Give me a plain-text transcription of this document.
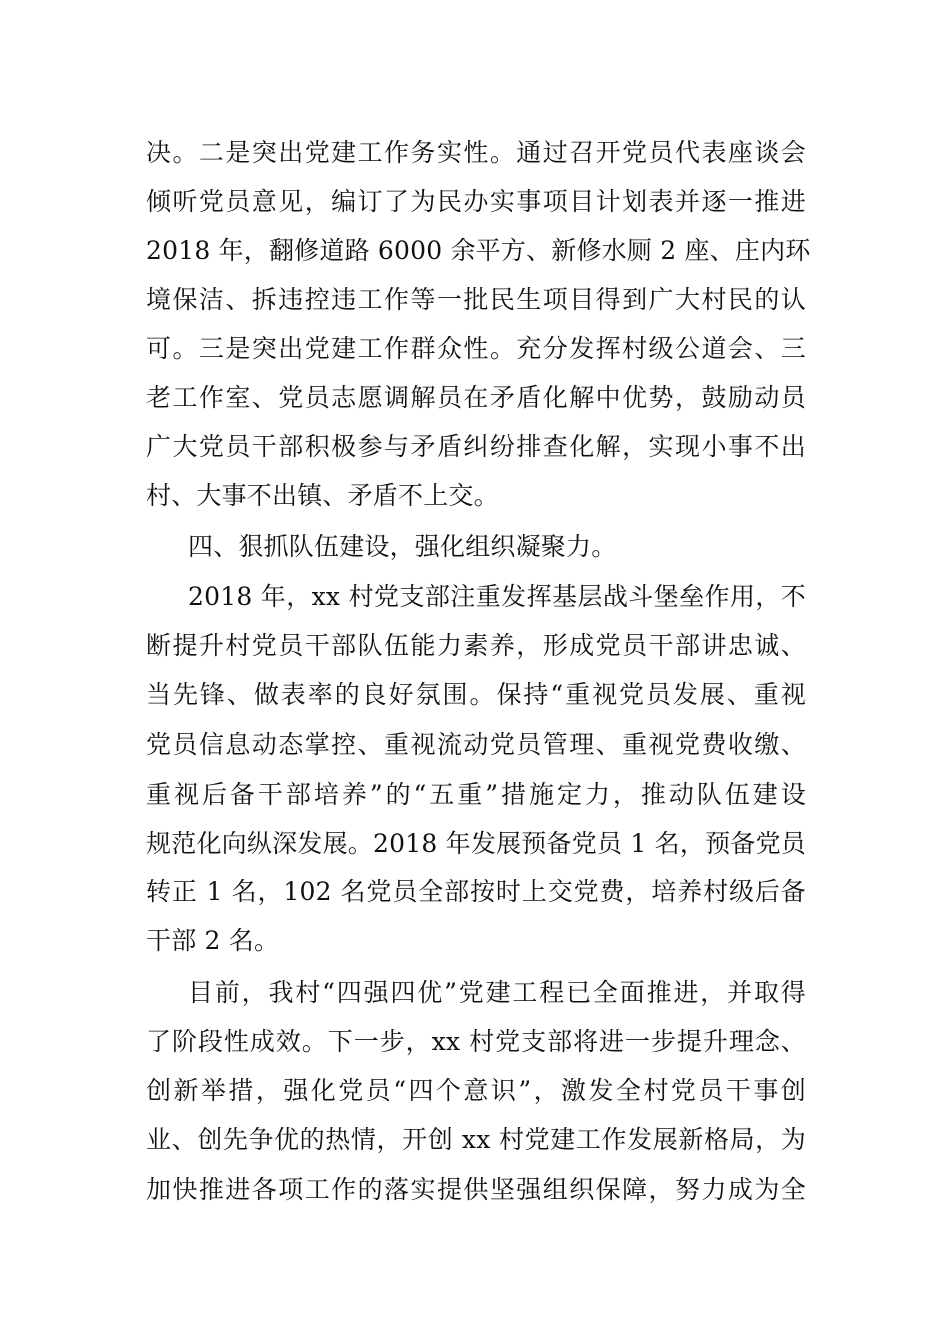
决。二是突出党建工作务实性。通过召开党员代表座谈会
倾听党员意见，编订了为民办实事项目计划表并逐一推进
2018 年，翻修道路 6000 余平方、新修水厕 2 座、庄内环
境保洁、拆违控违工作等一批民生项目得到广大村民的认
可。三是突出党建工作群众性。充分发挥村级公道会、三
老工作室、党员志愿调解员在矛盾化解中优势，鼓励动员
广大党员干部积极参与矛盾纠纷排查化解，实现小事不出
村、大事不出镇、矛盾不上交。
四、狠抓队伍建设，强化组织凝聚力。
2018 年，xx 村党支部注重发挥基层战斗堡垒作用，不
断提升村党员干部队伍能力素养，形成党员干部讲忠诚、
当先锋、做表率的良好氛围。保持“重视党员发展、重视
党员信息动态掌控、重视流动党员管理、重视党费收缴、
重视后备干部培养”的“五重”措施定力，推动队伍建设
规范化向纵深发展。2018 年发展预备党员 1 名，预备党员
转正 1 名，102 名党员全部按时上交党费，培养村级后备
干部 2 名。
目前，我村“四强四优”党建工程已全面推进，并取得
了阶段性成效。下一步，xx 村党支部将进一步提升理念、
创新举措，强化党员“四个意识”，激发全村党员干事创
业、创先争优的热情，开创 xx 村党建工作发展新格局，为
加快推进各项工作的落实提供坚强组织保障，努力成为全
